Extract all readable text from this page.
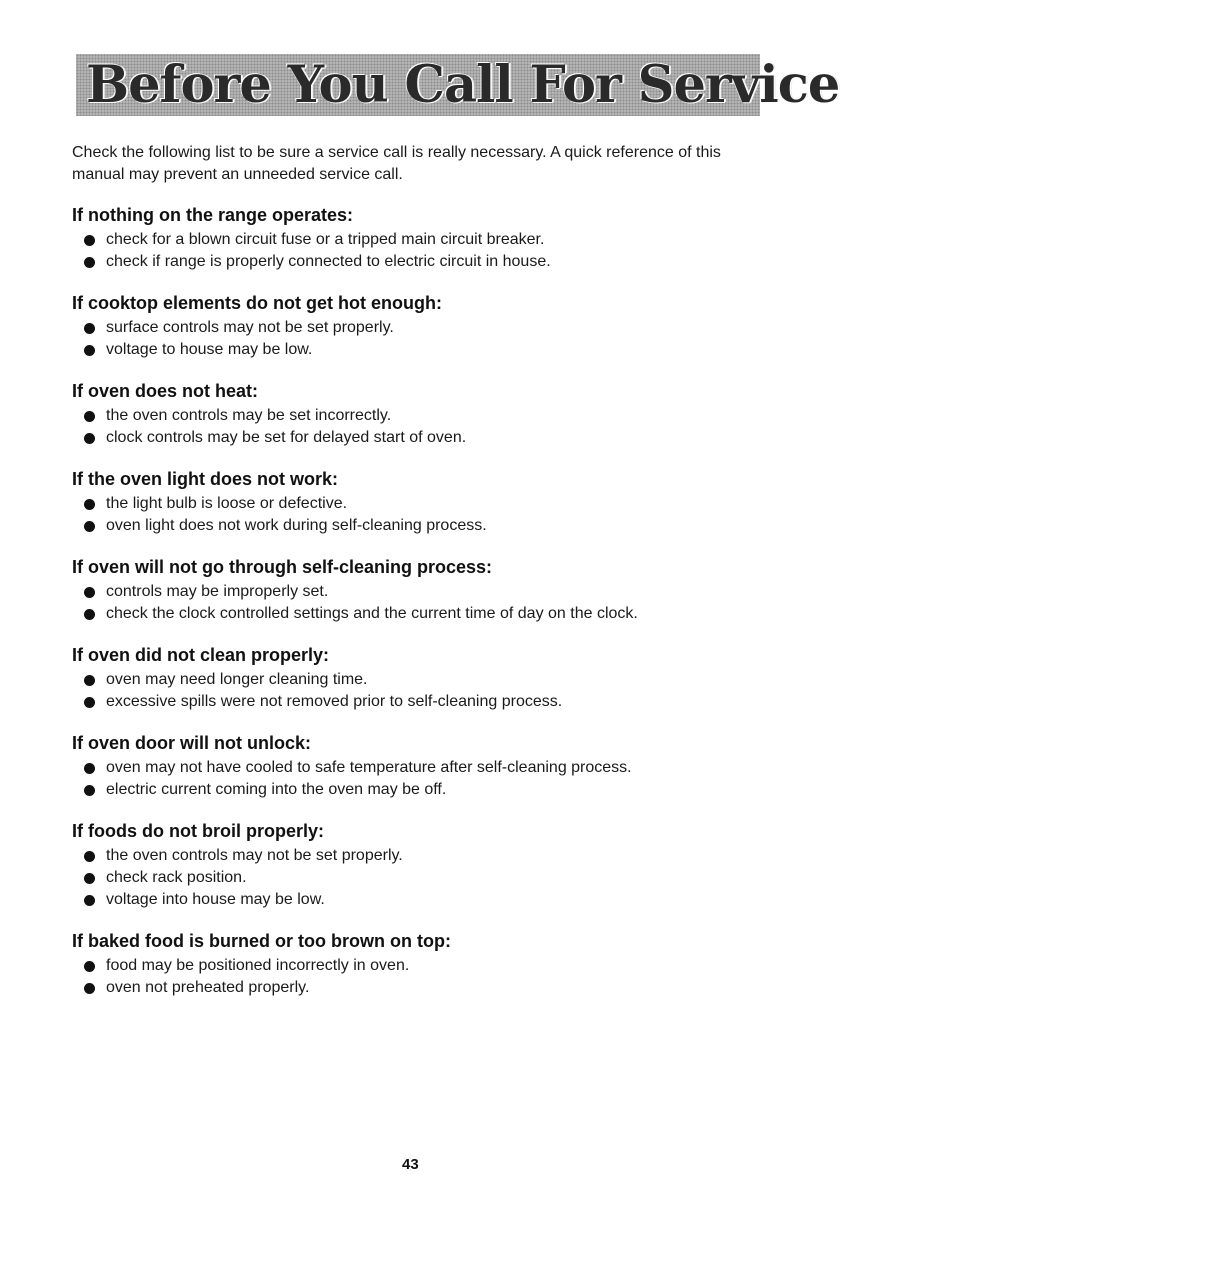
Before You Call For Service

Check the following list to be sure a service call is really necessary. A quick reference of this manual may prevent an unneeded service call.

If nothing on the range operates:
check for a blown circuit fuse or a tripped main circuit breaker.
check if range is properly connected to electric circuit in house.
If cooktop elements do not get hot enough:
surface controls may not be set properly.
voltage to house may be low.
If oven does not heat:
the oven controls may be set incorrectly.
clock controls may be set for delayed start of oven.
If the oven light does not work:
the light bulb is loose or defective.
oven light does not work during self-cleaning process.
If oven will not go through self-cleaning process:
controls may be improperly set.
check the clock controlled settings and the current time of day on the clock.
If oven did not clean properly:
oven may need longer cleaning time.
excessive spills were not removed prior to self-cleaning process.
If oven door will not unlock:
oven may not have cooled to safe temperature after self-cleaning process.
electric current coming into the oven may be off.
If foods do not broil properly:
the oven controls may not be set properly.
check rack position.
voltage into house may be low.
If baked food is burned or too brown on top:
food may be positioned incorrectly in oven.
oven not preheated properly.
43
